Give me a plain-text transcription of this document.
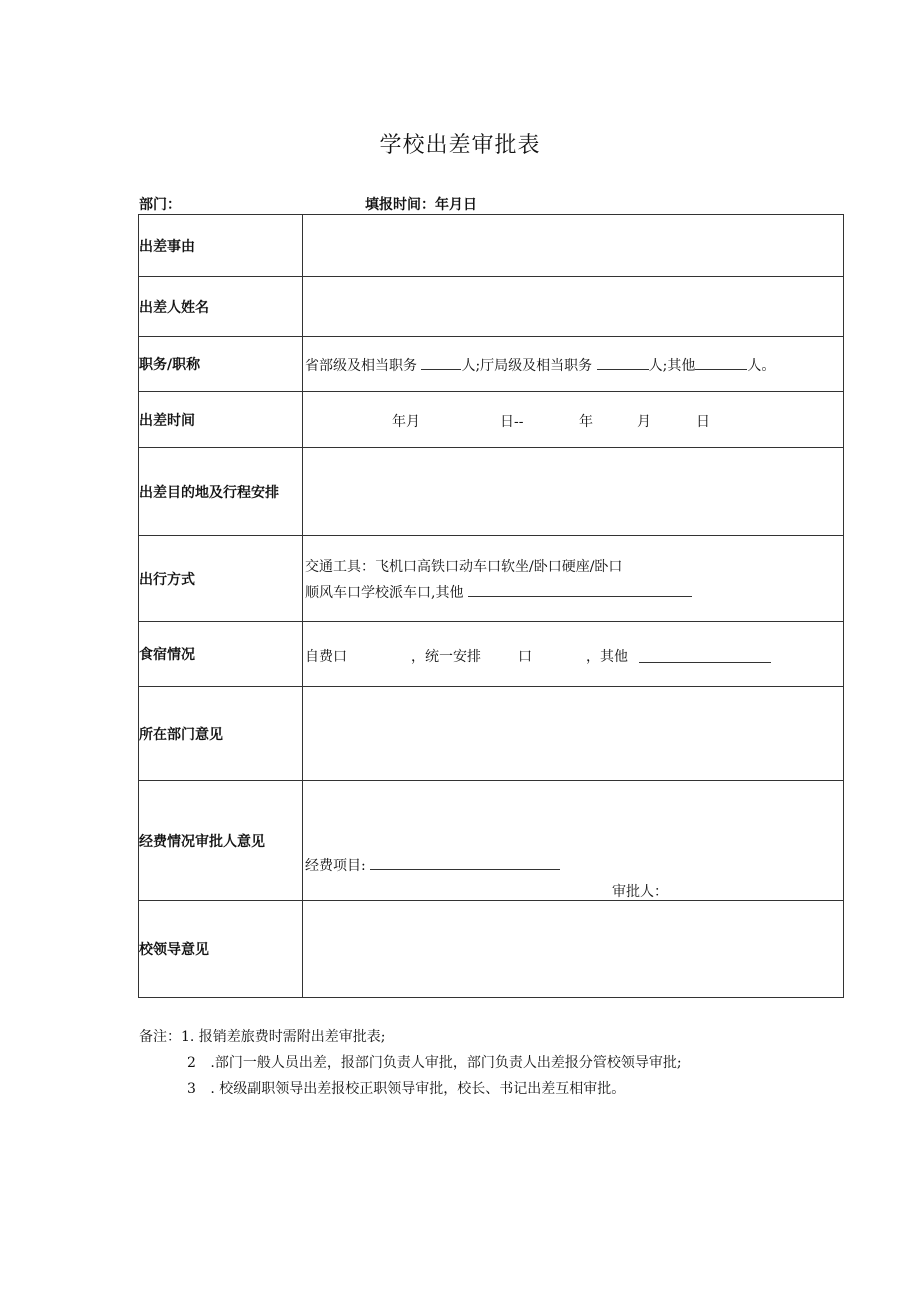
学校出差审批表
部门：	填报时间：年月日
出差事由	
出差人姓名	
职务/职称	省部级及相当职务 人;厅局级及相当职务 人;其他 人。

出差时间	年月 日-- 年 月 日

出差目的地及行程安排	
出行方式	交通工具：飞机口高铁口动车口软坐/卧口硬座/卧口
顺风车口学校派车口,其他

食宿情况	自费口 ，统一安排 口 ，其他

所在部门意见	
经费情况审批人意见	经费项目:
审批人：

校领导意见	
备注：1. 报销差旅费时需附出差审批表;
2 .部门一般人员出差，报部门负责人审批，部门负责人出差报分管校领导审批;
3 . 校级副职领导出差报校正职领导审批，校长、书记出差互相审批。
